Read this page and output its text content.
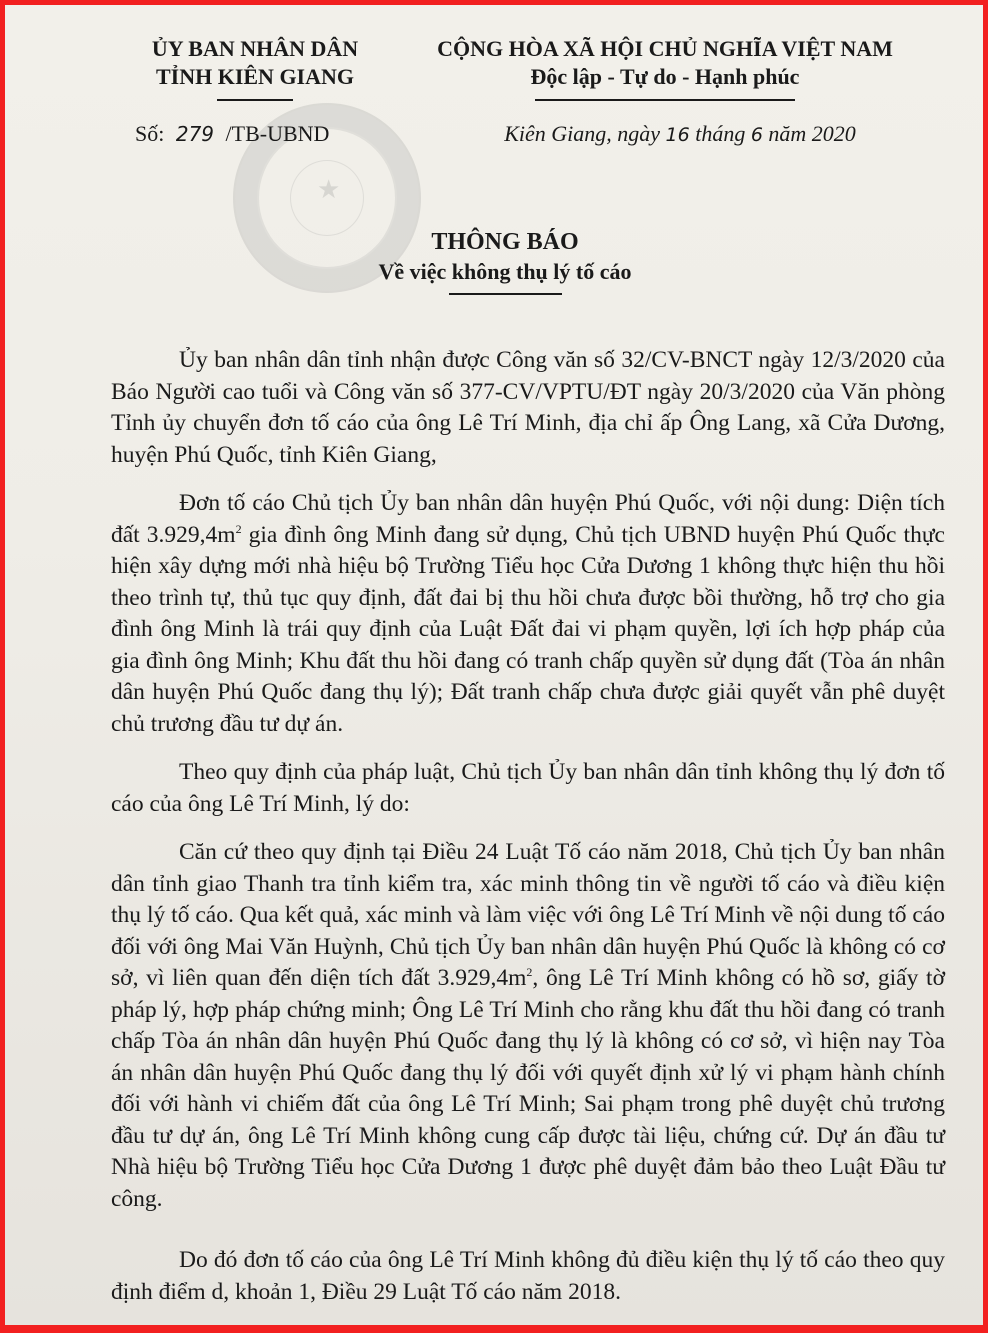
★
ỦY BAN NHÂN DÂN
TỈNH KIÊN GIANG
Số: 279 /TB-UBND
CỘNG HÒA XÃ HỘI CHỦ NGHĨA VIỆT NAM
Độc lập - Tự do - Hạnh phúc
Kiên Giang, ngày 16 tháng 6 năm 2020
THÔNG BÁO
Về việc không thụ lý tố cáo

Ủy ban nhân dân tỉnh nhận được Công văn số 32/CV-BNCT ngày 12/3/2020 của Báo Người cao tuổi và Công văn số 377-CV/VPTU/ĐT ngày 20/3/2020 của Văn phòng Tỉnh ủy chuyển đơn tố cáo của ông Lê Trí Minh, địa chỉ ấp Ông Lang, xã Cửa Dương, huyện Phú Quốc, tỉnh Kiên Giang,

Đơn tố cáo Chủ tịch Ủy ban nhân dân huyện Phú Quốc, với nội dung: Diện tích đất $3.929,4m^2$ gia đình ông Minh đang sử dụng, Chủ tịch UBND huyện Phú Quốc thực hiện xây dựng mới nhà hiệu bộ Trường Tiểu học Cửa Dương 1 không thực hiện thu hồi theo trình tự, thủ tục quy định, đất đai bị thu hồi chưa được bồi thường, hỗ trợ cho gia đình ông Minh là trái quy định của Luật Đất đai vi phạm quyền, lợi ích hợp pháp của gia đình ông Minh; Khu đất thu hồi đang có tranh chấp quyền sử dụng đất (Tòa án nhân dân huyện Phú Quốc đang thụ lý); Đất tranh chấp chưa được giải quyết vẫn phê duyệt chủ trương đầu tư dự án.

Theo quy định của pháp luật, Chủ tịch Ủy ban nhân dân tỉnh không thụ lý đơn tố cáo của ông Lê Trí Minh, lý do:

Căn cứ theo quy định tại Điều 24 Luật Tố cáo năm 2018, Chủ tịch Ủy ban nhân dân tỉnh giao Thanh tra tỉnh kiểm tra, xác minh thông tin về người tố cáo và điều kiện thụ lý tố cáo. Qua kết quả, xác minh và làm việc với ông Lê Trí Minh về nội dung tố cáo đối với ông Mai Văn Huỳnh, Chủ tịch Ủy ban nhân dân huyện Phú Quốc là không có cơ sở, vì liên quan đến diện tích đất $3.929,4m^2$, ông Lê Trí Minh không có hồ sơ, giấy tờ pháp lý, hợp pháp chứng minh; Ông Lê Trí Minh cho rằng khu đất thu hồi đang có tranh chấp Tòa án nhân dân huyện Phú Quốc đang thụ lý là không có cơ sở, vì hiện nay Tòa án nhân dân huyện Phú Quốc đang thụ lý đối với quyết định xử lý vi phạm hành chính đối với hành vi chiếm đất của ông Lê Trí Minh; Sai phạm trong phê duyệt chủ trương đầu tư dự án, ông Lê Trí Minh không cung cấp được tài liệu, chứng cứ. Dự án đầu tư Nhà hiệu bộ Trường Tiểu học Cửa Dương 1 được phê duyệt đảm bảo theo Luật Đầu tư công.

Do đó đơn tố cáo của ông Lê Trí Minh không đủ điều kiện thụ lý tố cáo theo quy định điểm d, khoản 1, Điều 29 Luật Tố cáo năm 2018.
